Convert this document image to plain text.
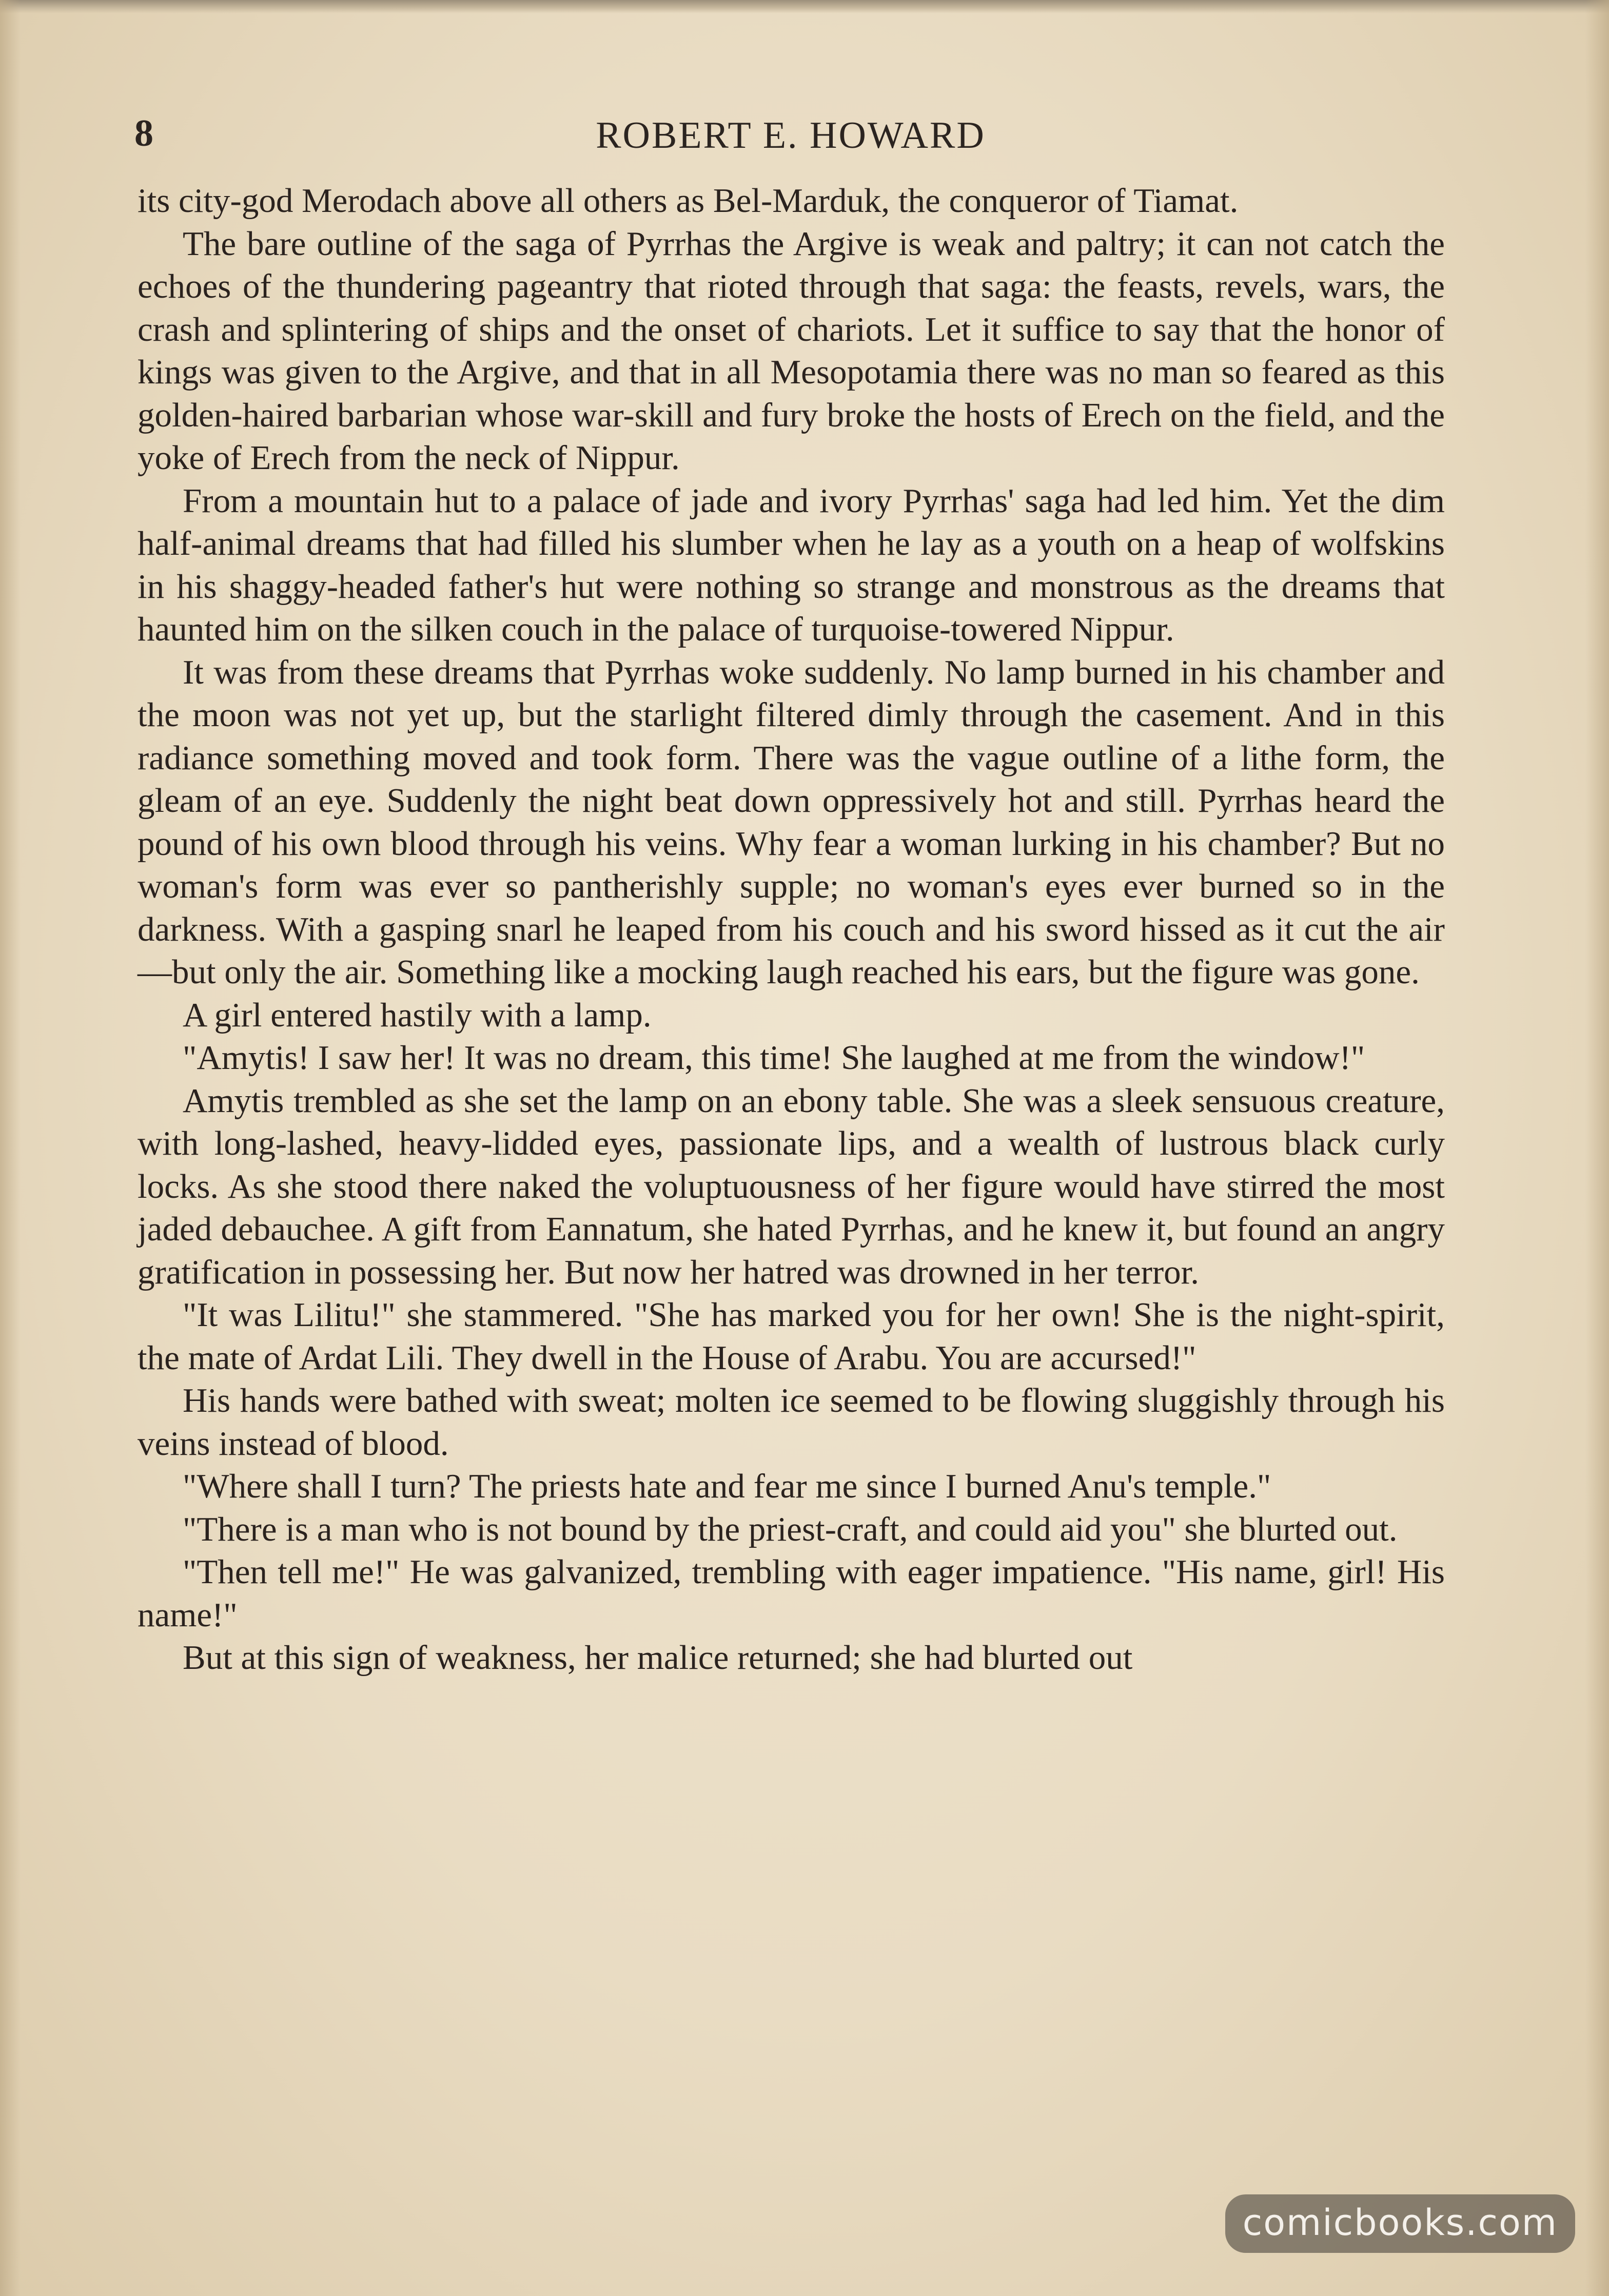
8	ROBERT E. HOWARD

its city-god Merodach above all others as Bel-Marduk, the conqueror of Tiamat.

The bare outline of the saga of Pyrrhas the Argive is weak and paltry; it can not catch the echoes of the thundering pageantry that rioted through that saga: the feasts, revels, wars, the crash and splintering of ships and the onset of chariots. Let it suffice to say that the honor of kings was given to the Argive, and that in all Mesopotamia there was no man so feared as this golden-haired barbarian whose war-skill and fury broke the hosts of Erech on the field, and the yoke of Erech from the neck of Nippur.

From a mountain hut to a palace of jade and ivory Pyrrhas' saga had led him. Yet the dim half-animal dreams that had filled his slumber when he lay as a youth on a heap of wolfskins in his shaggy-headed father's hut were nothing so strange and monstrous as the dreams that haunted him on the silken couch in the palace of turquoise-towered Nippur.

It was from these dreams that Pyrrhas woke suddenly. No lamp burned in his chamber and the moon was not yet up, but the starlight filtered dimly through the casement. And in this radiance something moved and took form. There was the vague outline of a lithe form, the gleam of an eye. Suddenly the night beat down oppressively hot and still. Pyrrhas heard the pound of his own blood through his veins. Why fear a woman lurking in his chamber? But no woman's form was ever so pantherishly supple; no woman's eyes ever burned so in the darkness. With a gasping snarl he leaped from his couch and his sword hissed as it cut the air—but only the air. Something like a mocking laugh reached his ears, but the figure was gone.

A girl entered hastily with a lamp.

"Amytis! I saw her! It was no dream, this time! She laughed at me from the window!"

Amytis trembled as she set the lamp on an ebony table. She was a sleek sensuous creature, with long-lashed, heavy-lidded eyes, passionate lips, and a wealth of lustrous black curly locks. As she stood there naked the voluptuousness of her figure would have stirred the most jaded debauchee. A gift from Eannatum, she hated Pyrrhas, and he knew it, but found an angry gratification in possessing her. But now her hatred was drowned in her terror.

"It was Lilitu!" she stammered. "She has marked you for her own! She is the night-spirit, the mate of Ardat Lili. They dwell in the House of Arabu. You are accursed!"

His hands were bathed with sweat; molten ice seemed to be flowing sluggishly through his veins instead of blood.

"Where shall I turn? The priests hate and fear me since I burned Anu's temple."

"There is a man who is not bound by the priest-craft, and could aid you" she blurted out.

"Then tell me!" He was galvanized, trembling with eager impatience. "His name, girl! His name!"

But at this sign of weakness, her malice returned; she had blurted out

comicbooks.com
